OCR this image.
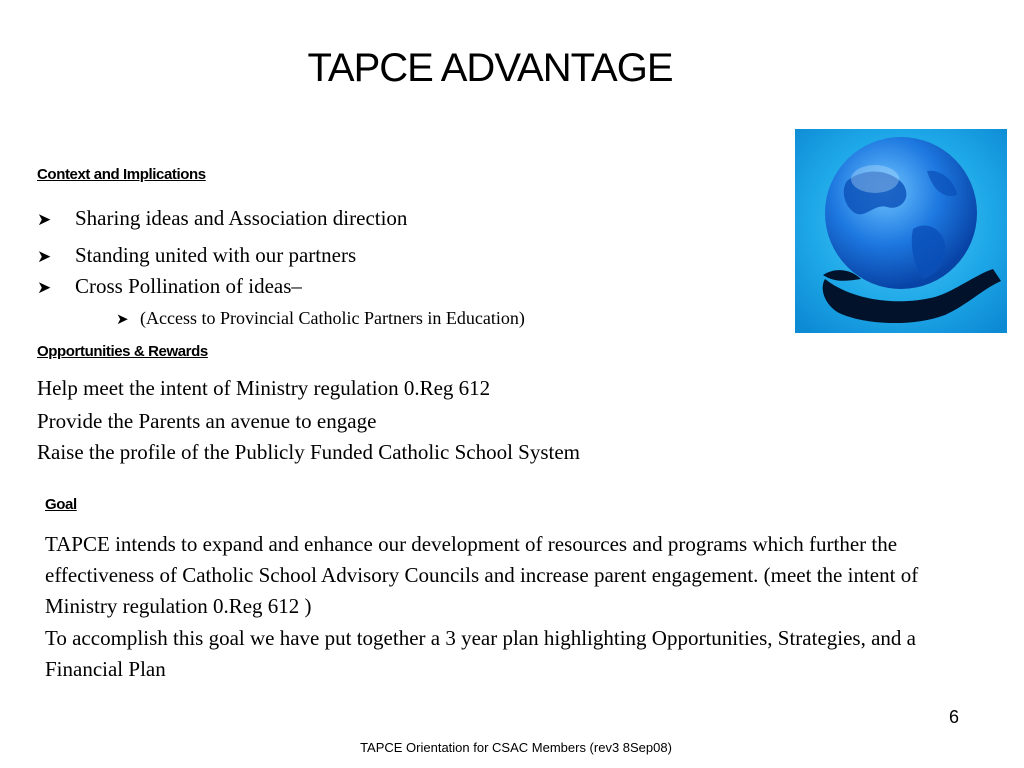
TAPCE ADVANTAGE
Context and Implications
➤ Sharing ideas and Association direction
➤ Standing united with our partners
➤ Cross Pollination of ideas–
➤ (Access to Provincial Catholic Partners in Education)
Opportunities & Rewards
Help meet the intent of Ministry regulation 0.Reg 612
Provide the Parents an avenue to engage
Raise the profile of the Publicly Funded Catholic School System
Goal

TAPCE intends to expand and enhance our development of resources and programs which further the effectiveness of Catholic School Advisory Councils and increase parent engagement. (meet the intent of Ministry regulation 0.Reg 612 )

To accomplish this goal we have put together a 3 year plan highlighting Opportunities, Strategies, and a Financial Plan

6
TAPCE Orientation for CSAC Members (rev3 8Sep08)
